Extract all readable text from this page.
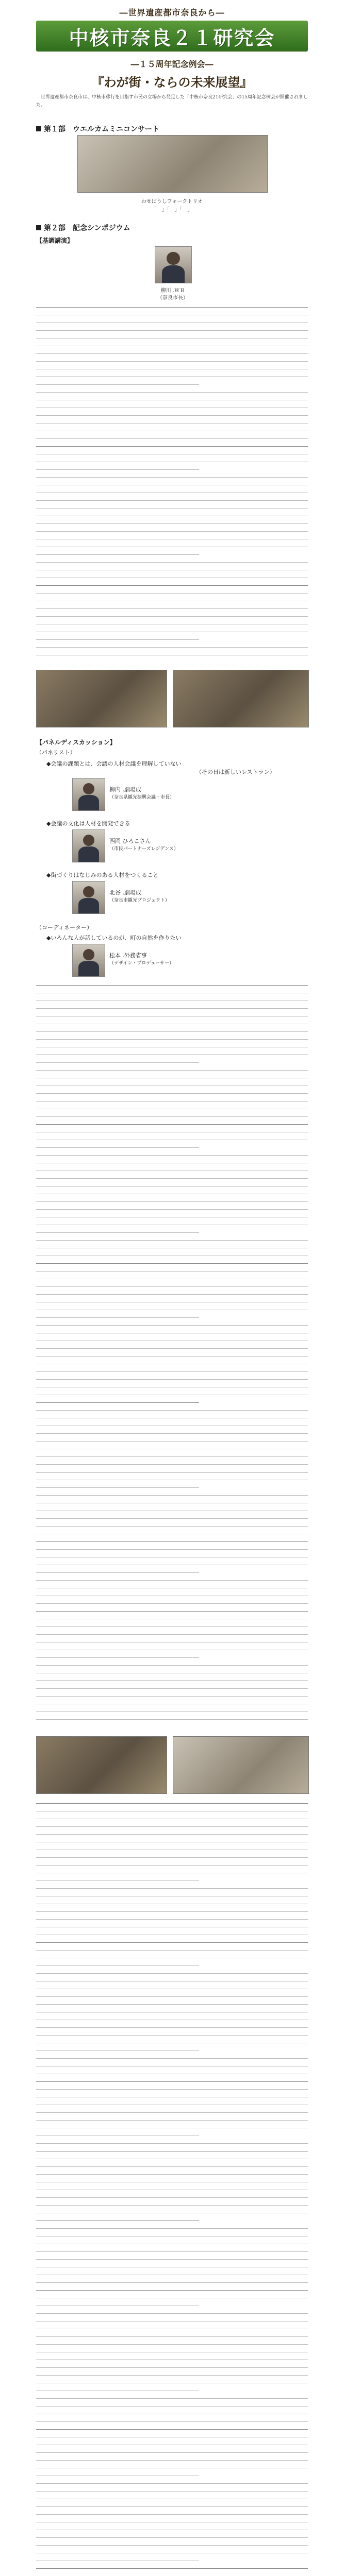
―世界遺産都市奈良から―
中核市奈良２１研究会
―１５周年記念例会―
『わが街・ならの未来展望』

世界遺産都市奈良市は、中核市移行を目指す市民の立場から発足した「中核市奈良21研究会」の15周年記念例会が開催されました。

第１部　ウエルカムミニコンサート
わせばうしフォークトリオ
「　」「　」「　」
第２部　記念シンポジウム
【基調講演】
柳川 .ＷＢ
（奈良市長）
【パネルディスカッション】
（パネリスト）
◆会議の課題とは、会議の人材会議を理解していない
（その日は新しいレストラン）
柳内 .劇場成
（奈良県観光振興会議・市長）
◆会議の文化は人材を開発できる
西岡 ひろこさん
（市民パートナーズレジデンス）
◆街づくりはなじみのある人材をつくること
北谷 .劇場成
（奈良市観光プロジェクト）
（コーディネーター）
◆いろんな人が話しているのが、町の自然を作りたい
松本 .外務省事
（デザイン・プロデューサー）
